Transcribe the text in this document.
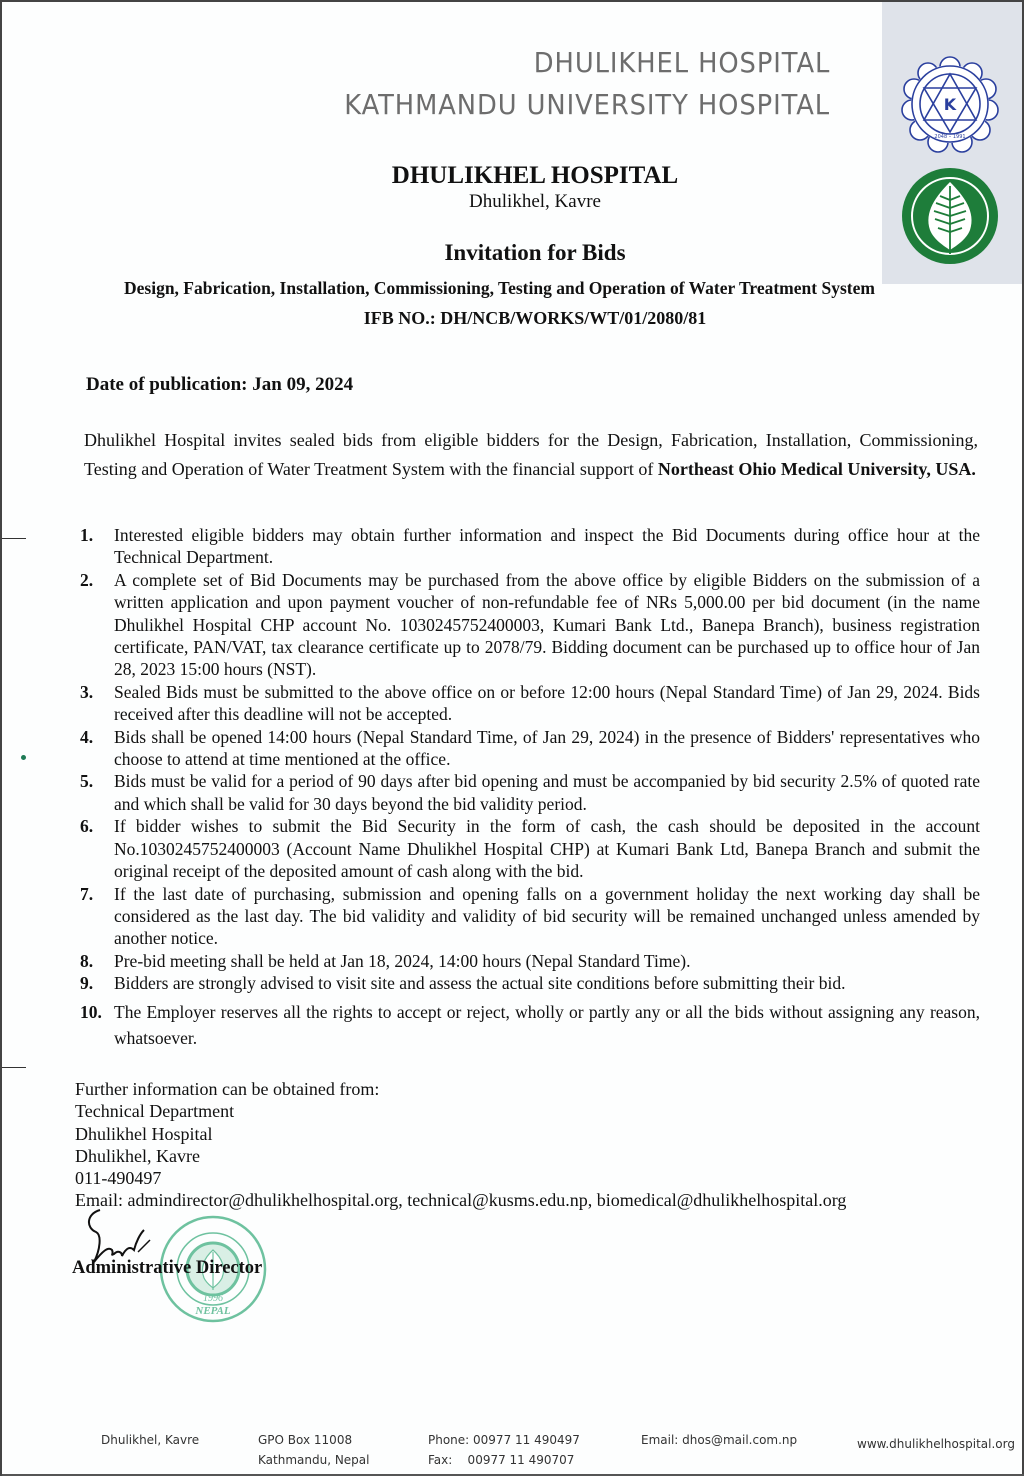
DHULIKHEL HOSPITAL
KATHMANDU UNIVERSITY HOSPITAL	K
2048 – 1991
DHULIKHEL HOSPITAL
Dhulikhel, Kavre
Invitation for Bids
Design, Fabrication, Installation, Commissioning, Testing and Operation of Water Treatment System
IFB NO.: DH/NCB/WORKS/WT/01/2080/81
Date of publication: Jan 09, 2024

Dhulikhel Hospital invites sealed bids from eligible bidders for the Design, Fabrication, Installation, Commissioning, Testing and Operation of Water Treatment System with the financial support of Northeast Ohio Medical University, USA.

1. Interested eligible bidders may obtain further information and inspect the Bid Documents during office hour at the Technical Department.
2. A complete set of Bid Documents may be purchased from the above office by eligible Bidders on the submission of a written application and upon payment voucher of non-refundable fee of NRs 5,000.00 per bid document (in the name Dhulikhel Hospital CHP account No. 1030245752400003, Kumari Bank Ltd., Banepa Branch), business registration certificate, PAN/VAT, tax clearance certificate up to 2078/79. Bidding document can be purchased up to office hour of Jan 28, 2023 15:00 hours (NST).
3. Sealed Bids must be submitted to the above office on or before 12:00 hours (Nepal Standard Time) of Jan 29, 2024. Bids received after this deadline will not be accepted.
4. Bids shall be opened 14:00 hours (Nepal Standard Time, of Jan 29, 2024) in the presence of Bidders' representatives who choose to attend at time mentioned at the office.
5. Bids must be valid for a period of 90 days after bid opening and must be accompanied by bid security 2.5% of quoted rate and which shall be valid for 30 days beyond the bid validity period.
6. If bidder wishes to submit the Bid Security in the form of cash, the cash should be deposited in the account No.1030245752400003 (Account Name Dhulikhel Hospital CHP) at Kumari Bank Ltd, Banepa Branch and submit the original receipt of the deposited amount of cash along with the bid.
7. If the last date of purchasing, submission and opening falls on a government holiday the next working day shall be considered as the last day. The bid validity and validity of bid security will be remained unchanged unless amended by another notice.
8. Pre-bid meeting shall be held at Jan 18, 2024, 14:00 hours (Nepal Standard Time).
9. Bidders are strongly advised to visit site and assess the actual site conditions before submitting their bid.
10. The Employer reserves all the rights to accept or reject, wholly or partly any or all the bids without assigning any reason, whatsoever.
Further information can be obtained from:
Technical Department
Dhulikhel Hospital
Dhulikhel, Kavre
011-490497
Email: admindirector@dhulikhelhospital.org, technical@kusms.edu.np, biomedical@dhulikhelhospital.org
NEPAL
1996
Administrative Director
Dhulikhel, Kavre	GPO Box 11008
Kathmandu, Nepal
Phone: 00977 11 490497
Fax:    00977 11 490707
Email: dhos@mail.com.np	www.dhulikhelhospital.org
